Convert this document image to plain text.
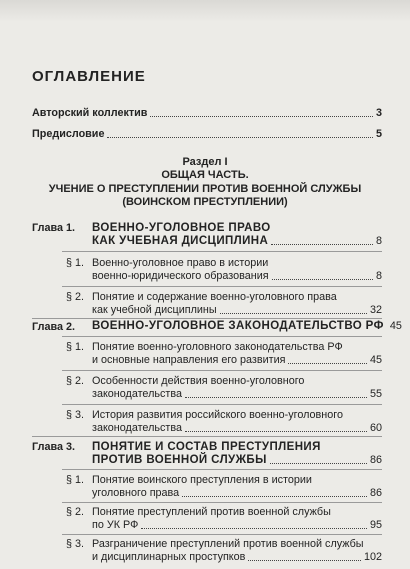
ОГЛАВЛЕНИЕ
Авторский коллектив	3
Предисловие	5
Раздел I
ОБЩАЯ ЧАСТЬ.
УЧЕНИЕ О ПРЕСТУПЛЕНИИ ПРОТИВ ВОЕННОЙ СЛУЖБЫ
(ВОИНСКОМ ПРЕСТУПЛЕНИИ)
Глава 1. ВОЕННО-УГОЛОВНОЕ ПРАВО
КАК УЧЕБНАЯ ДИСЦИПЛИНА	8
§ 1. Военно-уголовное право в истории
военно-юридического образования	8
§ 2. Понятие и содержание военно-уголовного права
как учебной дисциплины	32
Глава 2. ВОЕННО-УГОЛОВНОЕ ЗАКОНОДАТЕЛЬСТВО РФ 45
§ 1. Понятие военно-уголовного законодательства РФ
и основные направления его развития	45
§ 2. Особенности действия военно-уголовного
законодательства	55
§ 3. История развития российского военно-уголовного
законодательства	60
Глава 3. ПОНЯТИЕ И СОСТАВ ПРЕСТУПЛЕНИЯ
ПРОТИВ ВОЕННОЙ СЛУЖБЫ	86
§ 1. Понятие воинского преступления в истории
уголовного права	86
§ 2. Понятие преступлений против военной службы
по УК РФ	95
§ 3. Разграничение преступлений против военной службы
и дисциплинарных проступков	102
